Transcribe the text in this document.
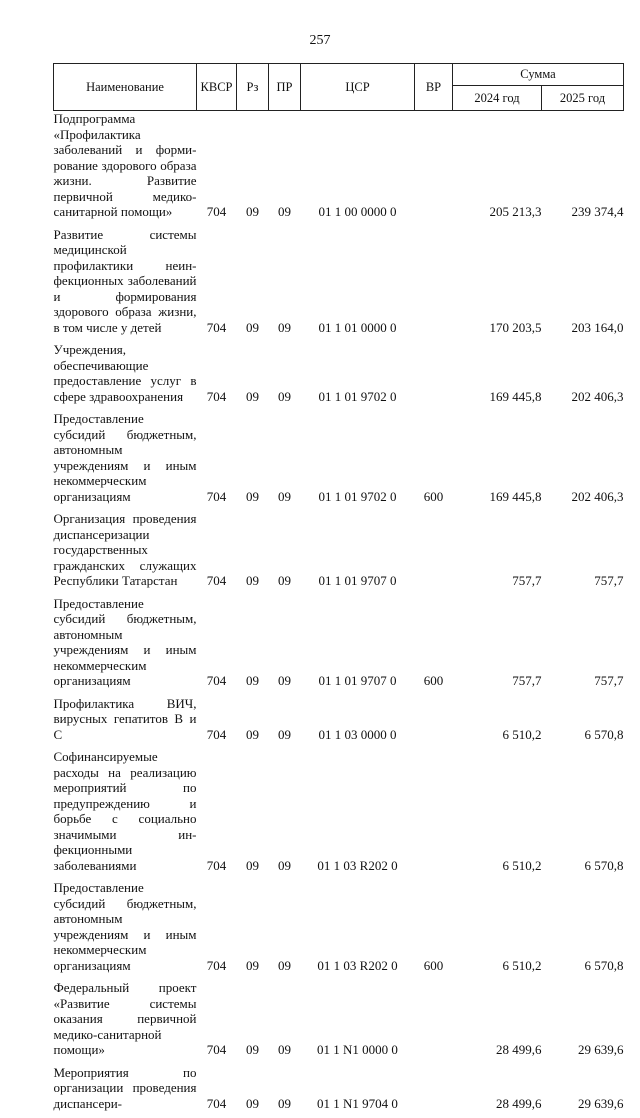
257
Наименование	КВСР	Рз	ПР	ЦСР	ВР	Сумма	
						2024 год	2025 год
Подпрограмма «Профилактика заболеваний и формирование здорового образа жизни. Развитие первичной медико-санитарной помощи»	704	09	09	01 1 00 0000 0		205 213,3	239 374,4
Развитие системы медицинской профилактики неинфекционных заболеваний и формирования здорового образа жизни, в том числе у детей	704	09	09	01 1 01 0000 0		170 203,5	203 164,0
Учреждения, обеспечивающие предоставление услуг в сфере здравоохранения	704	09	09	01 1 01 9702 0		169 445,8	202 406,3
Предоставление субсидий бюджетным, автономным учреждениям и иным некоммерческим организациям	704	09	09	01 1 01 9702 0	600	169 445,8	202 406,3
Организация проведения диспансеризации государственных гражданских служащих Республики Татарстан	704	09	09	01 1 01 9707 0		757,7	757,7
Предоставление субсидий бюджетным, автономным учреждениям и иным некоммерческим организациям	704	09	09	01 1 01 9707 0	600	757,7	757,7
Профилактика ВИЧ, вирусных гепатитов В и С	704	09	09	01 1 03 0000 0		6 510,2	6 570,8
Софинансируемые расходы на реализацию мероприятий по предупреждению и борьбе с социально значимыми инфекционными заболеваниями	704	09	09	01 1 03 R202 0		6 510,2	6 570,8
Предоставление субсидий бюджетным, автономным учреждениям и иным некоммерческим организациям	704	09	09	01 1 03 R202 0	600	6 510,2	6 570,8
Федеральный проект «Развитие системы оказания первичной медико-санитарной помощи»	704	09	09	01 1 N1 0000 0		28 499,6	29 639,6
Мероприятия по организации проведения диспансери-	704	09	09	01 1 N1 9704 0		28 499,6	29 639,6
